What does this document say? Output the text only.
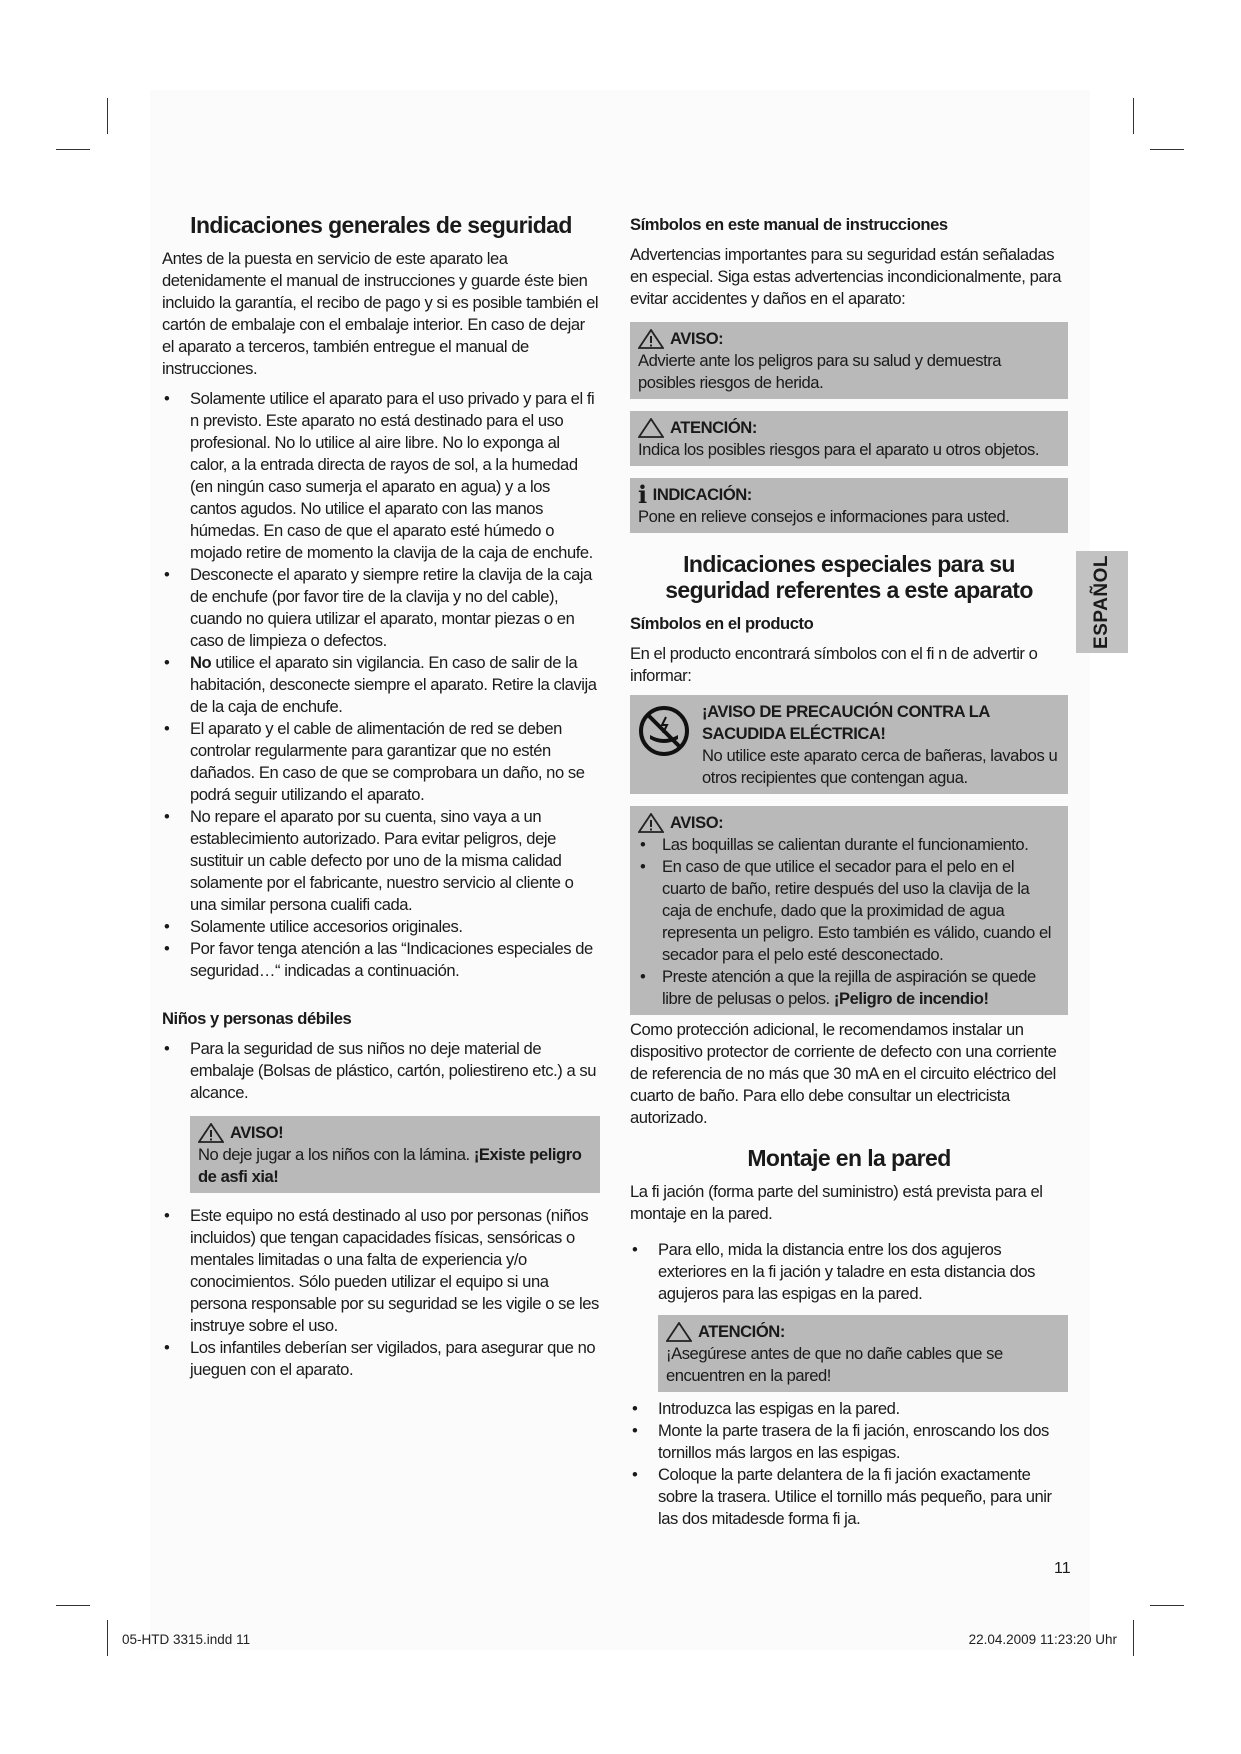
Indicaciones generales de seguridad

Antes de la puesta en servicio de este aparato lea detenidamente el manual de instrucciones y guarde éste bien incluido la garantía, el recibo de pago y si es posible también el cartón de embalaje con el embalaje interior. En caso de dejar el aparato a terceros, también entregue el manual de instrucciones.

• Solamente utilice el aparato para el uso privado y para el fi n previsto. Este aparato no está destinado para el uso profesional. No lo utilice al aire libre. No lo exponga al calor, a la entrada directa de rayos de sol, a la humedad (en ningún caso sumerja el aparato en agua) y a los cantos agudos. No utilice el aparato con las manos húmedas. En caso de que el aparato esté húmedo o mojado retire de momento la clavija de la caja de enchufe.
• Desconecte el aparato y siempre retire la clavija de la caja de enchufe (por favor tire de la clavija y no del cable), cuando no quiera utilizar el aparato, montar piezas o en caso de limpieza o defectos.
• No utilice el aparato sin vigilancia. En caso de salir de la habitación, desconecte siempre el aparato. Retire la clavija de la caja de enchufe.
• El aparato y el cable de alimentación de red se deben controlar regularmente para garantizar que no estén dañados. En caso de que se comprobara un daño, no se podrá seguir utilizando el aparato.
• No repare el aparato por su cuenta, sino vaya a un establecimiento autorizado. Para evitar peligros, deje sustituir un cable defecto por uno de la misma calidad solamente por el fabricante, nuestro servicio al cliente o una similar persona cualifi cada.
• Solamente utilice accesorios originales.
• Por favor tenga atención a las “Indicaciones especiales de seguridad…“ indicadas a continuación.
Niños y personas débiles
• Para la seguridad de sus niños no deje material de embalaje (Bolsas de plástico, cartón, poliestireno etc.) a su alcance.
AVISO!
No deje jugar a los niños con la lámina. ¡Existe peligro de asfi xia!
• Este equipo no está destinado al uso por personas (niños incluidos) que tengan capacidades físicas, sensóricas o mentales limitadas o una falta de experiencia y/o conocimientos. Sólo pueden utilizar el equipo si una persona responsable por su seguridad se les vigile o se les instruye sobre el uso.
• Los infantiles deberían ser vigilados, para asegurar que no jueguen con el aparato.
Símbolos en este manual de instrucciones

Advertencias importantes para su seguridad están señaladas en especial. Siga estas advertencias incondicionalmente, para evitar accidentes y daños en el aparato:

AVISO:
Advierte ante los peligros para su salud y demuestra posibles riesgos de herida.
ATENCIÓN:
Indica los posibles riesgos para el aparato u otros objetos.
i INDICACIÓN:
Pone en relieve consejos e informaciones para usted.
Indicaciones especiales para su seguridad referentes a este aparato
Símbolos en el producto

En el producto encontrará símbolos con el fi n de advertir o informar:

¡AVISO DE PRECAUCIÓN CONTRA LA SACUDIDA ELÉCTRICA!
No utilice este aparato cerca de bañeras, lavabos u otros recipientes que contengan agua.
AVISO:
• Las boquillas se calientan durante el funcionamiento.
• En caso de que utilice el secador para el pelo en el cuarto de baño, retire después del uso la clavija de la caja de enchufe, dado que la proximidad de agua representa un peligro. Esto también es válido, cuando el secador para el pelo esté desconectado.
• Preste atención a que la rejilla de aspiración se quede libre de pelusas o pelos. ¡Peligro de incendio!

Como protección adicional, le recomendamos instalar un dispositivo protector de corriente de defecto con una corriente de referencia de no más que 30 mA en el circuito eléctrico del cuarto de baño. Para ello debe consultar un electricista autorizado.

Montaje en la pared

La fi jación (forma parte del suministro) está prevista para el montaje en la pared.

• Para ello, mida la distancia entre los dos agujeros exteriores en la fi jación y taladre en esta distancia dos agujeros para las espigas en la pared.
ATENCIÓN:
¡Asegúrese antes de que no dañe cables que se encuentren en la pared!
• Introduzca las espigas en la pared.
• Monte la parte trasera de la fi jación, enroscando los dos tornillos más largos en las espigas.
• Coloque la parte delantera de la fi jación exactamente sobre la trasera. Utilice el tornillo más pequeño, para unir las dos mitadesde forma fi ja.
ESPAÑOL
11
05-HTD 3315.indd 11	22.04.2009 11:23:20 Uhr
